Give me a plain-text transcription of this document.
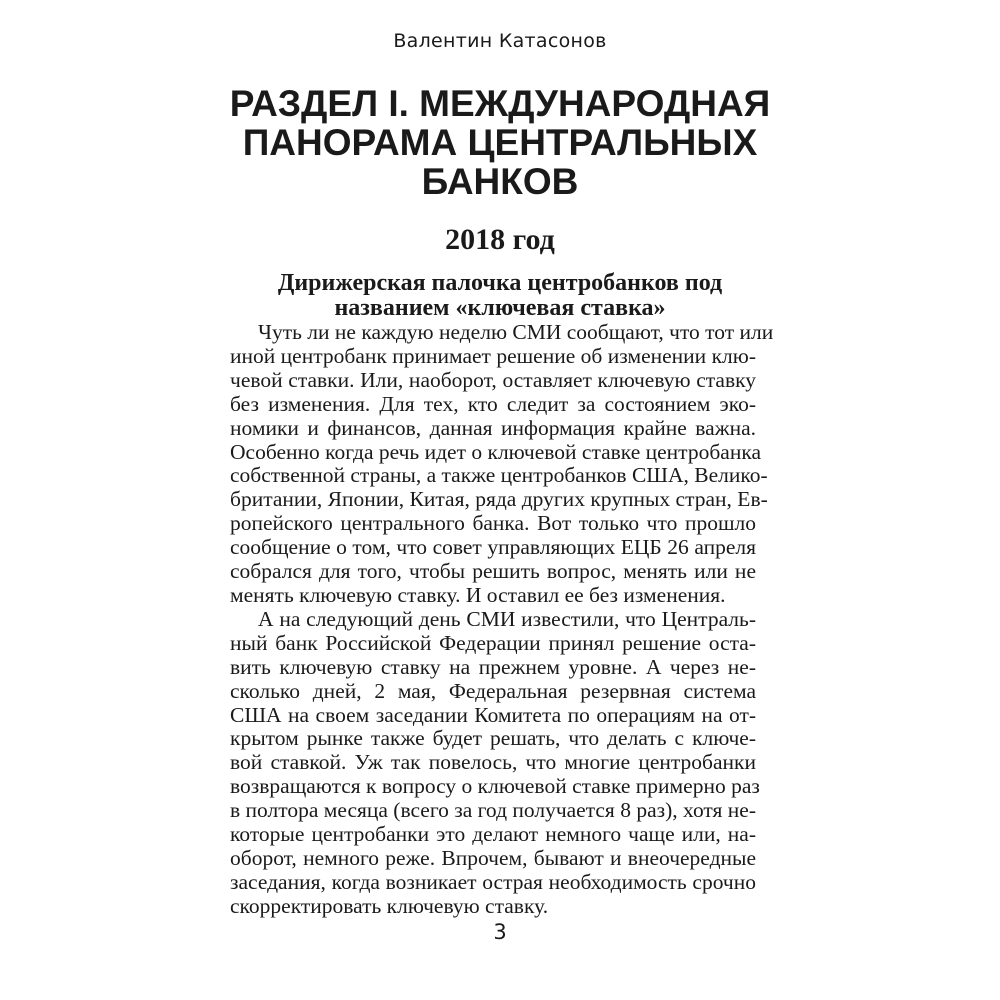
Валентин Катасонов
РАЗДЕЛ I. МЕЖДУНАРОДНАЯ
ПАНОРАМА ЦЕНТРАЛЬНЫХ
БАНКОВ
2018 год
Дирижерская палочка центробанков под
названием «ключевая ставка»

Чуть ли не каждую неделю СМИ сообщают, что тот или
иной центробанк принимает решение об изменении клю-
чевой ставки. Или, наоборот, оставляет ключевую ставку
без изменения. Для тех, кто следит за состоянием эко-
номики и финансов, данная информация крайне важна.
Особенно когда речь идет о ключевой ставке центробанка
собственной страны, а также центробанков США, Велико-
британии, Японии, Китая, ряда других крупных стран, Ев-
ропейского центрального банка. Вот только что прошло
сообщение о том, что совет управляющих ЕЦБ 26 апреля
собрался для того, чтобы решить вопрос, менять или не
менять ключевую ставку. И оставил ее без изменения.

А на следующий день СМИ известили, что Централь-
ный банк Российской Федерации принял решение оста-
вить ключевую ставку на прежнем уровне. А через не-
сколько дней, 2 мая, Федеральная резервная система
США на своем заседании Комитета по операциям на от-
крытом рынке также будет решать, что делать с ключе-
вой ставкой. Уж так повелось, что многие центробанки
возвращаются к вопросу о ключевой ставке примерно раз
в полтора месяца (всего за год получается 8 раз), хотя не-
которые центробанки это делают немного чаще или, на-
оборот, немного реже. Впрочем, бывают и внеочередные
заседания, когда возникает острая необходимость срочно
скорректировать ключевую ставку.

3
